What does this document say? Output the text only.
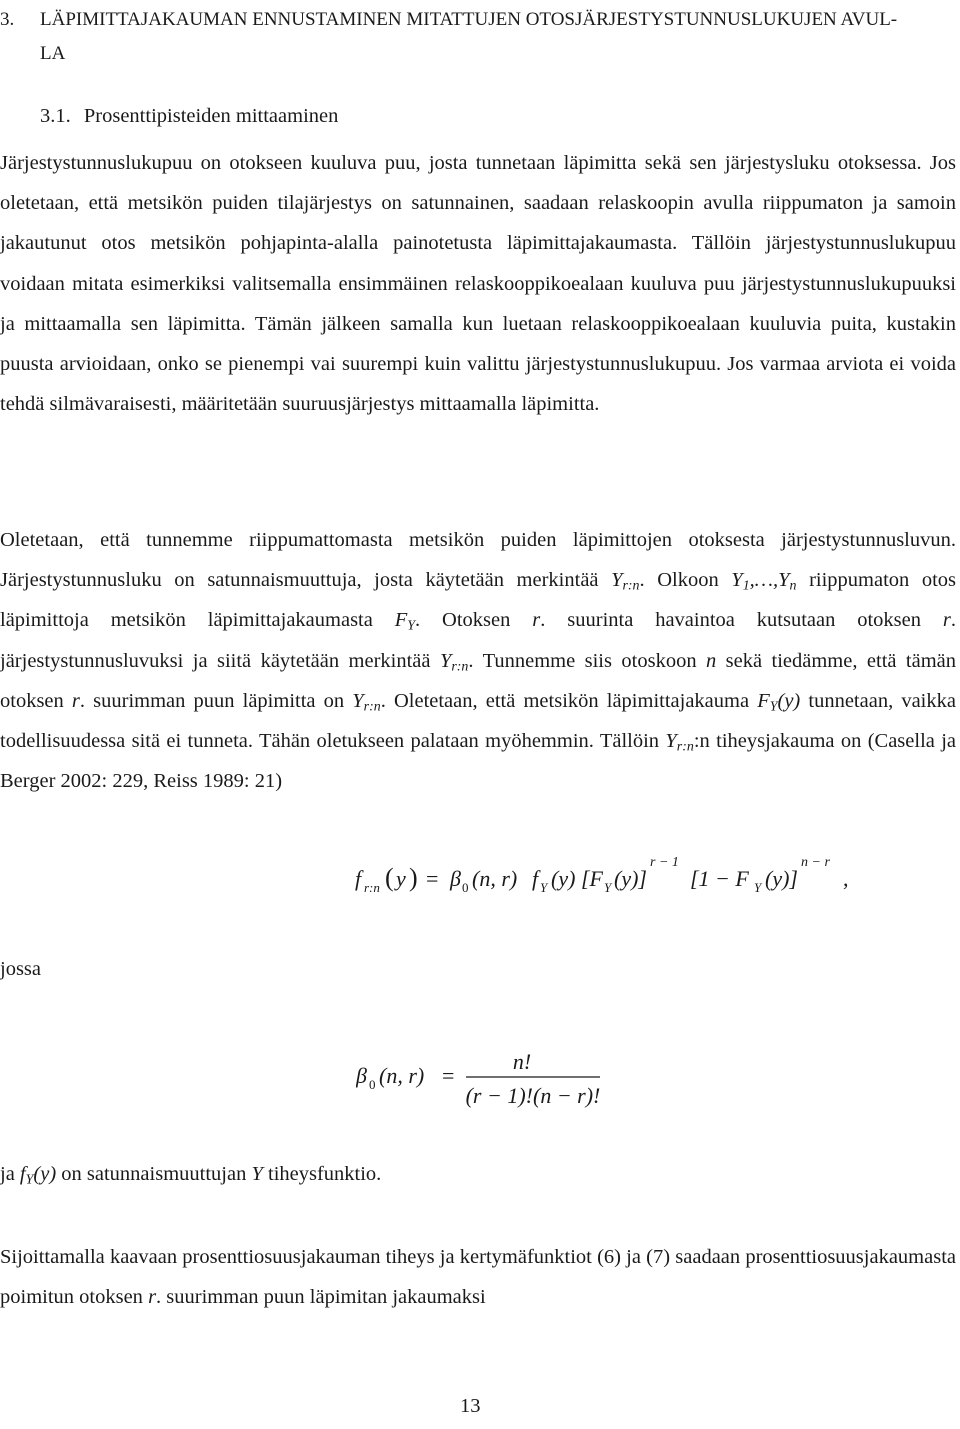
3. LÄPIMITTAJAKAUMAN ENNUSTAMINEN MITATTUJEN OTOSJÄRJESTYSTUNNUSLUKUJEN AVUL-
LA
3.1. Prosenttipisteiden mittaaminen

Järjestystunnuslukupuu on otokseen kuuluva puu, josta tunnetaan läpimitta sekä sen järjestysluku otoksessa. Jos oletetaan, että metsikön puiden tilajärjestys on satunnainen, saadaan relaskoopin avulla riippumaton ja samoin jakautunut otos metsikön pohjapinta-alalla painotetusta läpimittajakaumasta. Tällöin järjestystunnuslukupuu voidaan mitata esimerkiksi valitsemalla ensimmäinen relaskooppikoealaan kuuluva puu järjestystunnuslukupuuksi ja mittaamalla sen läpimitta. Tämän jälkeen samalla kun luetaan relaskooppikoealaan kuuluvia puita, kustakin puusta arvioidaan, onko se pienempi vai suurempi kuin valittu järjestystunnuslukupuu. Jos varmaa arviota ei voida tehdä silmävaraisesti, määritetään suuruusjärjestys mittaamalla läpimitta.

Oletetaan, että tunnemme riippumattomasta metsikön puiden läpimittojen otoksesta järjestystunnusluvun. Järjestystunnusluku on satunnaismuuttuja, josta käytetään merkintää $Y_{r:n}$. Olkoon $Y_1,\dots,Y_n$ riippumaton otos läpimittoja metsikön läpimittajakaumasta $F_Y$. Otoksen r. suurinta havaintoa kutsutaan otoksen r. järjestystunnusluvuksi ja siitä käytetään merkintää $Y_{r:n}$. Tunnemme siis otoskoon n sekä tiedämme, että tämän otoksen r. suurimman puun läpimitta on $Y_{r:n}$. Oletetaan, että metsikön läpimittajakauma $F_Y(y)$ tunnetaan, vaikka todellisuudessa sitä ei tunneta. Tähän oletukseen palataan myöhemmin. Tällöin $Y_{r:n}:n$ tiheysjakauma on (Casella ja Berger 2002: 229, Reiss 1989: 21)

f r:n ( y ) = β 0 (n, r) f Y (y) [F Y (y)]
r − 1
[1 − F Y (y)]
n − r
,
jossa
β 0 (n, r) =
n!
(r − 1)!(n − r)!

ja $f_Y(y)$ on satunnaismuuttujan Y tiheysfunktio.

Sijoittamalla kaavaan prosenttiosuusjakauman tiheys ja kertymäfunktiot (6) ja (7) saadaan prosenttiosuusjakaumasta poimitun otoksen r. suurimman puun läpimitan jakaumaksi

13
